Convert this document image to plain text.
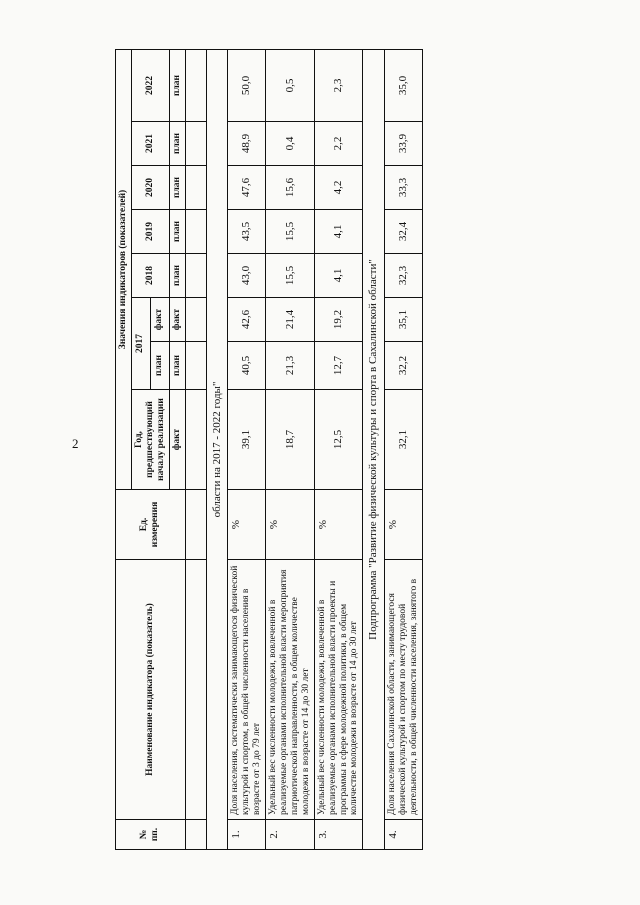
2
№ пп.	Наименование индикатора (показатель)	Ед. измерения	Значения индикаторов (показателей)							
			Год, предшествующий началу реализации	2017		2018	2019	2020	2021	2022
				план	факт					
			факт	план	факт	план	план	план	план	план

области на 2017 - 2022 годы"										
1.	Доля населения, систематически занимающегося физической культурой и спортом, в общей численности населения в возрасте от 3 до 79 лет	%	39,1	40,5	42,6	43,0	43,5	47,6	48,9	50,0
2.	Удельный вес численности молодежи, вовлеченной в реализуемые органами исполнительной власти мероприятия патриотической направленности, в общем количестве молодежи в возрасте от 14 до 30 лет	%	18,7	21,3	21,4	15,5	15,5	15,6	0,4	0,5
3.	Удельный вес численности молодежи, вовлеченной в реализуемые органами исполнительной власти проекты и программы в сфере молодежной политики, в общем количестве молодежи в возрасте от 14 до 30 лет	%	12,5	12,7	19,2	4,1	4,1	4,2	2,2	2,3
Подпрограмма "Развитие физической культуры и спорта в Сахалинской области"										
4.	Доля населения Сахалинской области, занимающегося физической культурой и спортом по месту трудовой деятельности, в общей численности населения, занятого в	%	32,1	32,2	35,1	32,3	32,4	33,3	33,9	35,0
